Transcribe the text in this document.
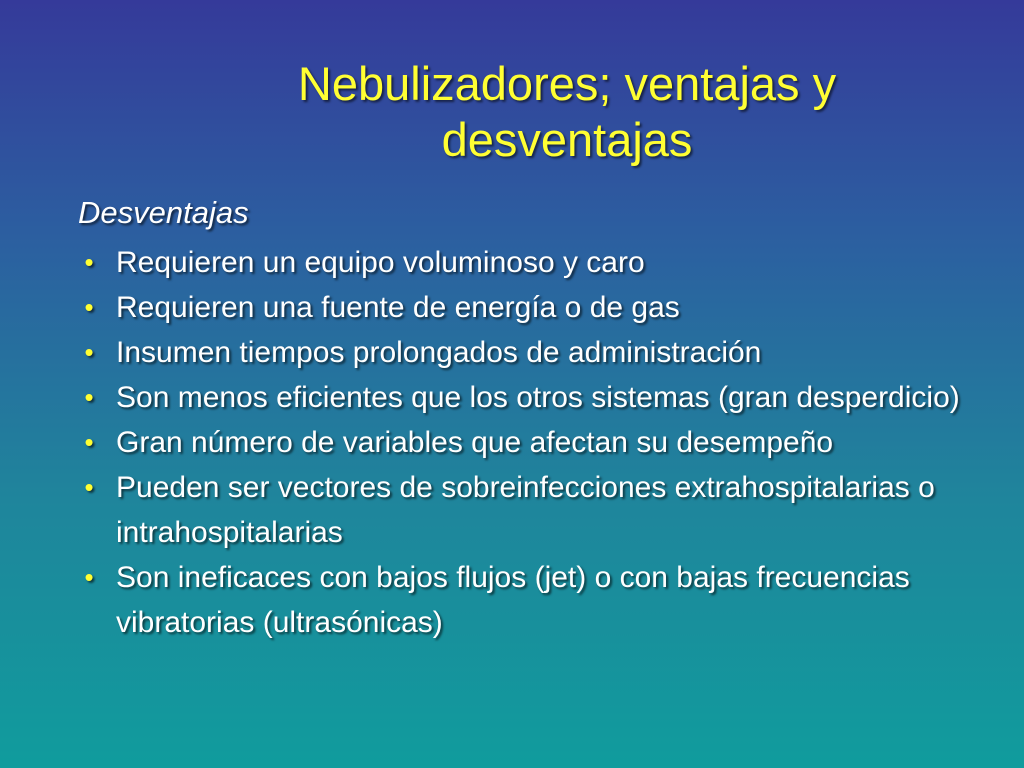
Nebulizadores; ventajas y desventajas
Desventajas
• Requieren un equipo voluminoso y caro
• Requieren una fuente de energía o de gas
• Insumen tiempos prolongados de administración
• Son menos eficientes que los otros sistemas (gran desperdicio)
• Gran número de variables que afectan su desempeño
• Pueden ser vectores de sobreinfecciones extrahospitalarias o intrahospitalarias
• Son ineficaces con bajos flujos (jet) o con bajas frecuencias vibratorias (ultrasónicas)
